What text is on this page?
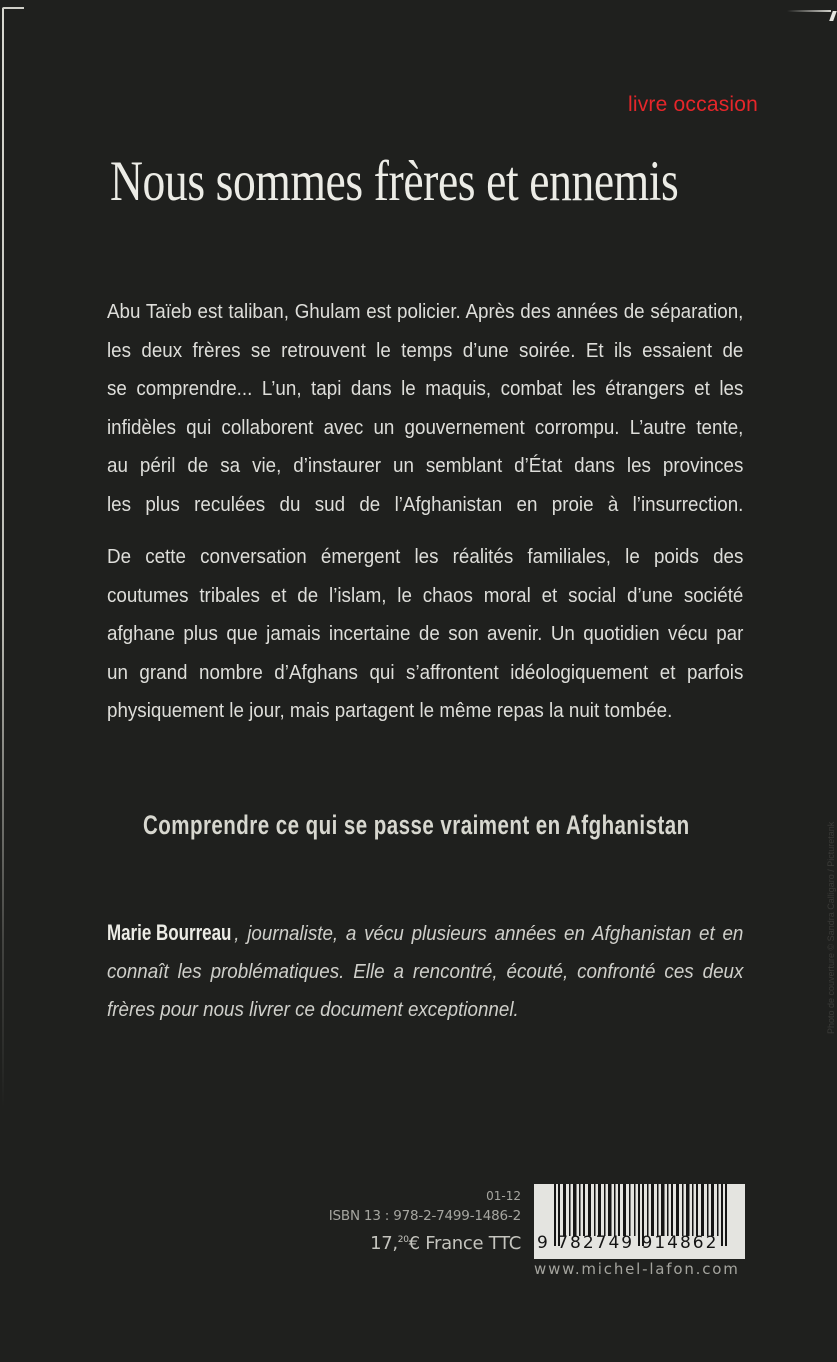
livre occasion
Nous sommes frères et ennemis
Abu Taïeb est taliban, Ghulam est policier. Après des années de séparation,
les deux frères se retrouvent le temps d’une soirée. Et ils essaient de
se comprendre... L’un, tapi dans le maquis, combat les étrangers et les
infidèles qui collaborent avec un gouvernement corrompu. L’autre tente,
au péril de sa vie, d’instaurer un semblant d’État dans les provinces
les plus reculées du sud de l’Afghanistan en proie à l’insurrection.
De cette conversation émergent les réalités familiales, le poids des
coutumes tribales et de l’islam, le chaos moral et social d’une société
afghane plus que jamais incertaine de son avenir. Un quotidien vécu par
un grand nombre d’Afghans qui s’affrontent idéologiquement et parfois
physiquement le jour, mais partagent le même repas la nuit tombée.
Comprendre ce qui se passe vraiment en Afghanistan
Marie Bourreau , journaliste, a vécu plusieurs années en Afghanistan et en
connaît les problématiques. Elle a rencontré, écouté, confronté ces deux
frères pour nous livrer ce document exceptionnel.
01-12
ISBN 13 : 978-2-7499-1486-2
17,20€ France TTC 9 782749 914862
www.michel-lafon.com
Photo de couverture © Sandra Calligaro / Picturetank
